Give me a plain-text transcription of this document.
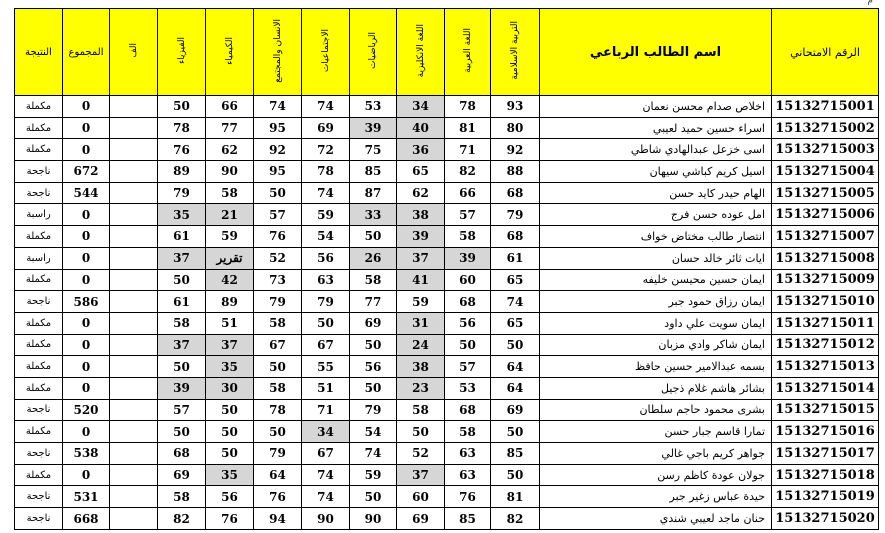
م
النتيجة	المجموع	الف	الفيزياء	الكيمياء	الانسان والمجتمع	الاجتماعيات	الرياضيات	اللغة الانكليزية	اللغة العربية	التربية الاسلامية	اسم الطالب الرباعي	الرقم الامتحاني
مكملة	0		50	66	74	74	53	34	78	93	اخلاص صدام محسن نعمان	15132715001
مكملة	0		78	77	95	69	39	40	81	80	اسراء حسين حميد لعيبي	15132715002
مكملة	0		76	62	92	72	75	36	71	92	اسى خزعل عبدالهادي شاطي	15132715003
ناجحة	672		89	90	95	78	85	65	82	88	اسيل كريم كباشي سيهان	15132715004
ناجحة	544		79	58	50	74	87	62	66	68	الهام حيدر كايد حسن	15132715005
راسبة	0		35	21	57	59	33	38	57	79	امل عوده حسن فرج	15132715006
مكملة	0		61	59	76	54	50	39	58	68	انتصار طالب مختاض خواف	15132715007
راسبة	0		37	تقرير	52	56	26	37	39	61	ايات ثائر خالد حسان	15132715008
مكملة	0		50	42	73	63	58	41	60	65	ايمان حسين محيسن خليفه	15132715009
ناجحة	586		61	89	79	79	77	59	68	74	ايمان رزاق حمود جبر	15132715010
مكملة	0		58	51	58	50	69	31	56	65	ايمان سويت علي داود	15132715011
مكملة	0		37	37	67	67	50	24	50	50	ايمان شاكر وادي مزبان	15132715012
مكملة	0		50	35	50	55	56	38	57	64	بسمه عبدالامير حسين حافظ	15132715013
مكملة	0		39	30	58	51	50	23	53	64	بشائر هاشم غلام ذجيل	15132715014
ناجحة	520		57	50	78	71	79	58	68	69	بشرى محمود حاجم سلطان	15132715015
مكملة	0		50	50	50	34	54	50	58	50	تمارا قاسم جبار حسن	15132715016
ناجحة	538		68	50	79	67	74	52	63	85	جواهر كريم باجي غالي	15132715017
مكملة	0		69	35	64	74	59	37	63	50	جولان عودة كاظم رسن	15132715018
ناجحة	531		58	56	76	74	50	60	76	81	حيدة عباس زغير جبر	15132715019
ناجحة	668		82	76	94	90	90	69	85	82	حنان ماجد لعيبي شندي	15132715020
